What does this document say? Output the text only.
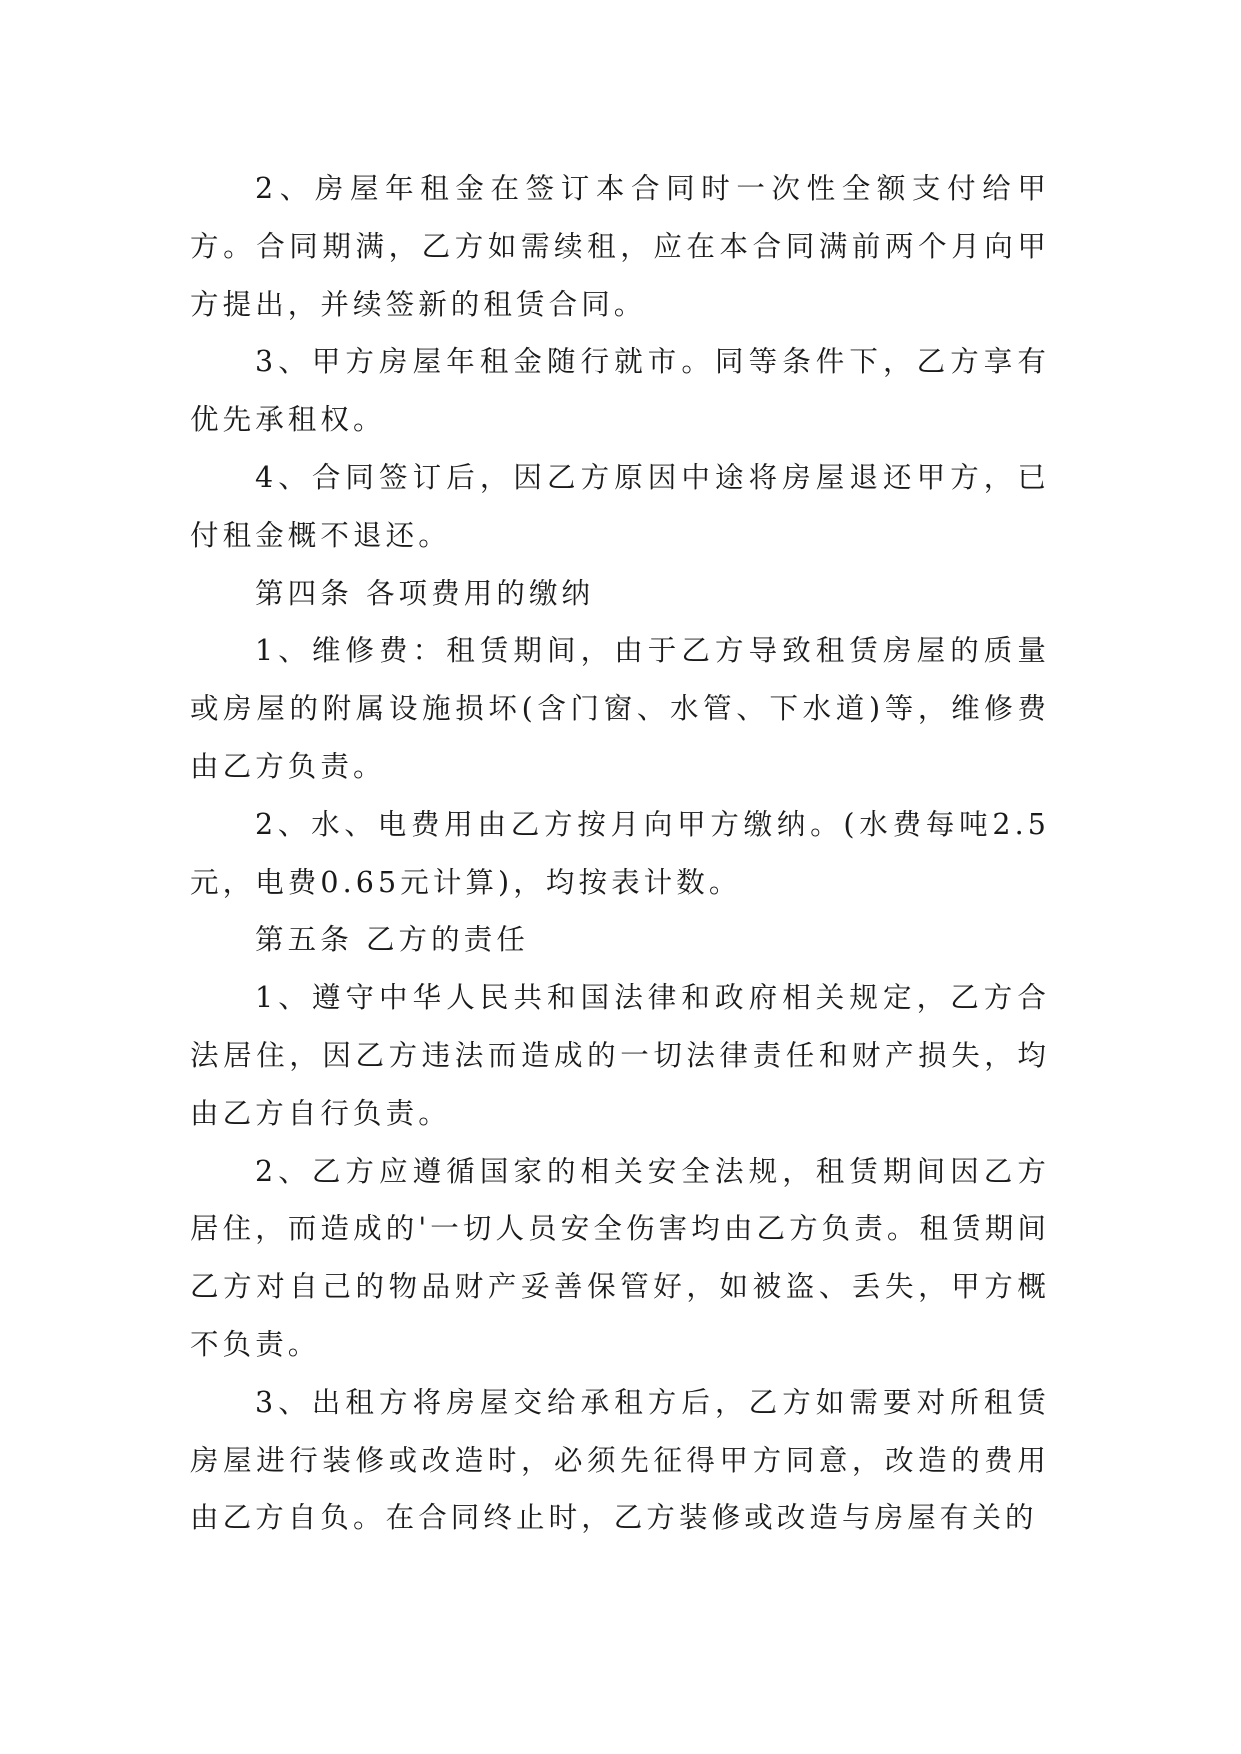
2、房屋年租金在签订本合同时一次性全额支付给甲方。合同期满，乙方如需续租，应在本合同满前两个月向甲方提出，并续签新的租赁合同。

3、甲方房屋年租金随行就市。同等条件下，乙方享有优先承租权。

4、合同签订后，因乙方原因中途将房屋退还甲方，已付租金概不退还。

第四条 各项费用的缴纳

1、维修费：租赁期间，由于乙方导致租赁房屋的质量或房屋的附属设施损坏(含门窗、水管、下水道)等，维修费由乙方负责。

2、水、电费用由乙方按月向甲方缴纳。(水费每吨2.5元，电费0.65元计算)，均按表计数。

第五条 乙方的责任

1、遵守中华人民共和国法律和政府相关规定，乙方合法居住，因乙方违法而造成的一切法律责任和财产损失，均由乙方自行负责。

2、乙方应遵循国家的相关安全法规，租赁期间因乙方居住，而造成的'一切人员安全伤害均由乙方负责。租赁期间乙方对自己的物品财产妥善保管好，如被盗、丢失，甲方概不负责。

3、出租方将房屋交给承租方后，乙方如需要对所租赁房屋进行装修或改造时，必须先征得甲方同意，改造的费用由乙方自负。在合同终止时，乙方装修或改造与房屋有关的
